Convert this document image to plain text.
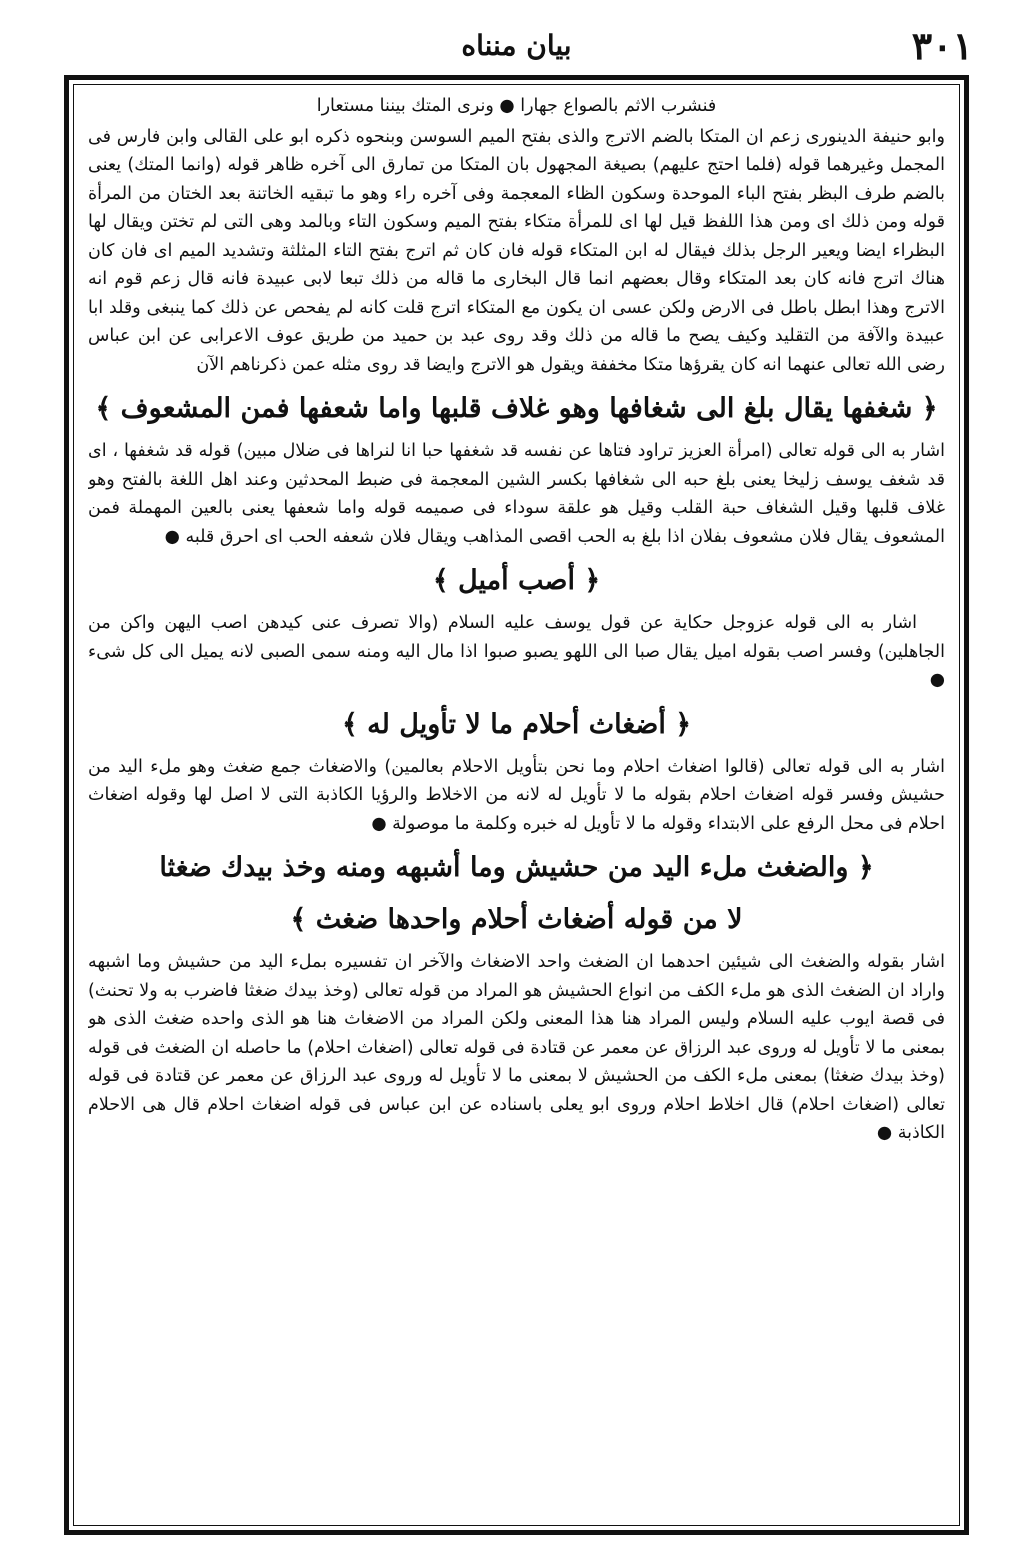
٣٠١
بيان منناه
فنشرب الاثم بالصواع جهارا ● ونرى المتك بيننا مستعارا

وابو حنيفة الدينورى زعم ان المتكا بالضم الاترج والذى بفتح الميم السوسن وبنحوه ذكره ابو على القالى وابن فارس فى المجمل وغيرهما قوله (فلما احتج عليهم) بصيغة المجهول بان المتكا من تمارق الى آخره ظاهر قوله (وانما المتك) يعنى بالضم طرف البظر بفتح الباء الموحدة وسكون الظاء المعجمة وفى آخره راء وهو ما تبقيه الخاتنة بعد الختان من المرأة قوله ومن ذلك اى ومن هذا اللفظ قيل لها اى للمرأة متكاء بفتح الميم وسكون التاء وبالمد وهى التى لم تختن ويقال لها البظراء ايضا ويعير الرجل بذلك فيقال له ابن المتكاء قوله فان كان ثم اترج بفتح التاء المثلثة وتشديد الميم اى فان كان هناك اترج فانه كان بعد المتكاء وقال بعضهم انما قال البخارى ما قاله من ذلك تبعا لابى عبيدة فانه قال زعم قوم انه الاترج وهذا ابطل باطل فى الارض ولكن عسى ان يكون مع المتكاء اترج قلت كانه لم يفحص عن ذلك كما ينبغى وقلد ابا عبيدة والآفة من التقليد وكيف يصح ما قاله من ذلك وقد روى عبد بن حميد من طريق عوف الاعرابى عن ابن عباس رضى الله تعالى عنهما انه كان يقرؤها متكا مخففة ويقول هو الاترج وايضا قد روى مثله عمن ذكرناهم الآن

﴿ شغفها يقال بلغ الى شغافها وهو غلاف قلبها واما شعفها فمن المشعوف ﴾

اشار به الى قوله تعالى (امرأة العزيز تراود فتاها عن نفسه قد شغفها حبا انا لنراها فى ضلال مبين) قوله قد شغفها ، اى قد شغف يوسف زليخا يعنى بلغ حبه الى شغافها بكسر الشين المعجمة فى ضبط المحدثين وعند اهل اللغة بالفتح وهو غلاف قلبها وقيل الشغاف حبة القلب وقيل هو علقة سوداء فى صميمه قوله واما شعفها يعنى بالعين المهملة فمن المشعوف يقال فلان مشعوف بفلان اذا بلغ به الحب اقصى المذاهب ويقال فلان شعفه الحب اى احرق قلبه ●

﴿ أصب أميل ﴾

اشار به الى قوله عزوجل حكاية عن قول يوسف عليه السلام (والا تصرف عنى كيدهن اصب اليهن واكن من الجاهلين) وفسر اصب بقوله اميل يقال صبا الى اللهو يصبو صبوا اذا مال اليه ومنه سمى الصبى لانه يميل الى كل شىء ●

﴿ أضغاث أحلام ما لا تأويل له ﴾

اشار به الى قوله تعالى (قالوا اضغاث احلام وما نحن بتأويل الاحلام بعالمين) والاضغاث جمع ضغث وهو ملء اليد من حشيش وفسر قوله اضغاث احلام بقوله ما لا تأويل له لانه من الاخلاط والرؤيا الكاذبة التى لا اصل لها وقوله اضغاث احلام فى محل الرفع على الابتداء وقوله ما لا تأويل له خبره وكلمة ما موصولة ●

﴿ والضغث ملء اليد من حشيش وما أشبهه ومنه وخذ بيدك ضغثا
لا من قوله أضغاث أحلام واحدها ضغث ﴾

اشار بقوله والضغث الى شيئين احدهما ان الضغث واحد الاضغاث والآخر ان تفسيره بملء اليد من حشيش وما اشبهه واراد ان الضغث الذى هو ملء الكف من انواع الحشيش هو المراد من قوله تعالى (وخذ بيدك ضغثا فاضرب به ولا تحنث) فى قصة ايوب عليه السلام وليس المراد هنا هذا المعنى ولكن المراد من الاضغاث هنا هو الذى واحده ضغث الذى هو بمعنى ما لا تأويل له وروى عبد الرزاق عن معمر عن قتادة فى قوله تعالى (اضغاث احلام) ما حاصله ان الضغث فى قوله (وخذ بيدك ضغثا) بمعنى ملء الكف من الحشيش لا بمعنى ما لا تأويل له وروى عبد الرزاق عن معمر عن قتادة فى قوله تعالى (اضغاث احلام) قال اخلاط احلام وروى ابو يعلى باسناده عن ابن عباس فى قوله اضغاث احلام قال هى الاحلام الكاذبة ●
